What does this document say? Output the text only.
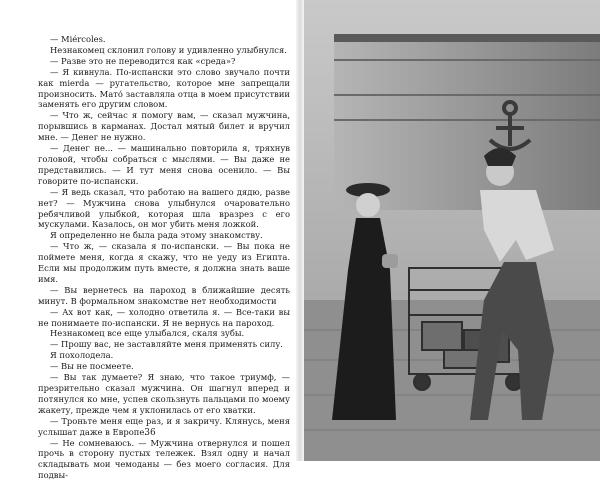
— Miércoles.

Незнакомец склонил голову и удивленно улыбнулся.

— Разве это не переводится как «среда»?

— Я кивнула. По-испански это слово звучало почти как mierda — ругательство, которое мне запрещали произносить. Мато́ заставляла отца в моем присутствии заменять его другим словом.

— Что ж, сейчас я помогу вам, — сказал мужчина, порывшись в карманах. Достал мятый билет и вручил мне. — Денег не нужно.

— Денег не... — машинально повторила я, тряхнув головой, чтобы собраться с мыслями. — Вы даже не представились. — И тут меня снова осенило. — Вы говорите по-испански.

— Я ведь сказал, что работаю на вашего дядю, разве нет? — Мужчина снова улыбнулся очаровательно ребячливой улыбкой, которая шла вразрез с его мускулами. Казалось, он мог убить меня ложкой.

Я определенно не была рада этому знакомству.

— Что ж, — сказала я по-испански. — Вы пока не поймете меня, когда я скажу, что не уеду из Египта. Если мы продолжим путь вместе, я должна знать ваше имя.

— Вы вернетесь на пароход в ближайшие десять минут. В формальном знакомстве нет необходимости

— Ах вот как, — холодно ответила я. — Все-таки вы не понимаете по-испански. Я не вернусь на пароход.

Незнакомец все еще улыбался, скаля зубы.

— Прошу вас, не заставляйте меня применять силу.

Я похолодела.

— Вы не посмеете.

— Вы так думаете? Я знаю, что такое триумф, — презрительно сказал мужчина. Он шагнул вперед и потянулся ко мне, успев скользнуть пальцами по моему жакету, прежде чем я уклонилась от его хватки.

— Троньте меня еще раз, и я закричу. Клянусь, меня услышат даже в Европе.

— Не сомневаюсь. — Мужчина отвернулся и пошел прочь в сторону пустых тележек. Взял одну и начал складывать мои чемоданы — без моего согласия. Для подвы-

36
